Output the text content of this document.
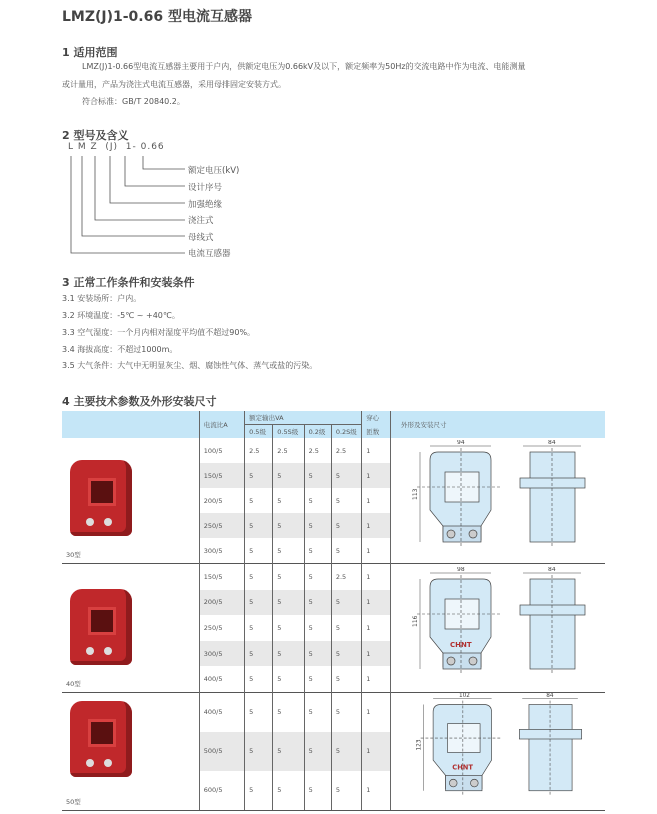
LMZ(J)1-0.66 型电流互感器
1 适用范围
LMZ(J)1-0.66型电流互感器主要用于户内，供额定电压为0.66kV及以下，额定频率为50Hz的交流电路中作为电流、电能测量
或计量用，产品为浇注式电流互感器，采用母排固定安装方式。
符合标准：GB/T 20840.2。
2 型号及含义
L M Z  (J)  1- 0.66
额定电压(kV)
设计序号
加强绝缘
浇注式
母线式
电流互感器
3 正常工作条件和安装条件
3.1 安装场所：户内。
3.2 环境温度：-5℃ ~ +40℃。
3.3 空气湿度：一个月内相对湿度平均值不超过90%。
3.4 海拔高度：不超过1000m。
3.5 大气条件：大气中无明显灰尘、烟、腐蚀性气体、蒸气或盐的污染。
4 主要技术参数及外形安装尺寸
	电流比A	额定输出VA				穿心	外形及安装尺寸
		0.5级	0.5S级	0.2级	0.2S级	匝数	

30型	100/5	2.5	2.5	2.5	2.5	1	94 84
113

	150/5	5	5	5	5	1	
	200/5	5	5	5	5	1	
	250/5	5	5	5	5	1	
	300/5	5	5	5	5	1	

40型	150/5	5	5	5	2.5	1	98 84
116
CHNT

	200/5	5	5	5	5	1	
	250/5	5	5	5	5	1	
	300/5	5	5	5	5	1	
	400/5	5	5	5	5	1	

50型	400/5	5	5	5	5	1	102 84
123
CHNT

	500/5	5	5	5	5	1	
	600/5	5	5	5	5	1	
